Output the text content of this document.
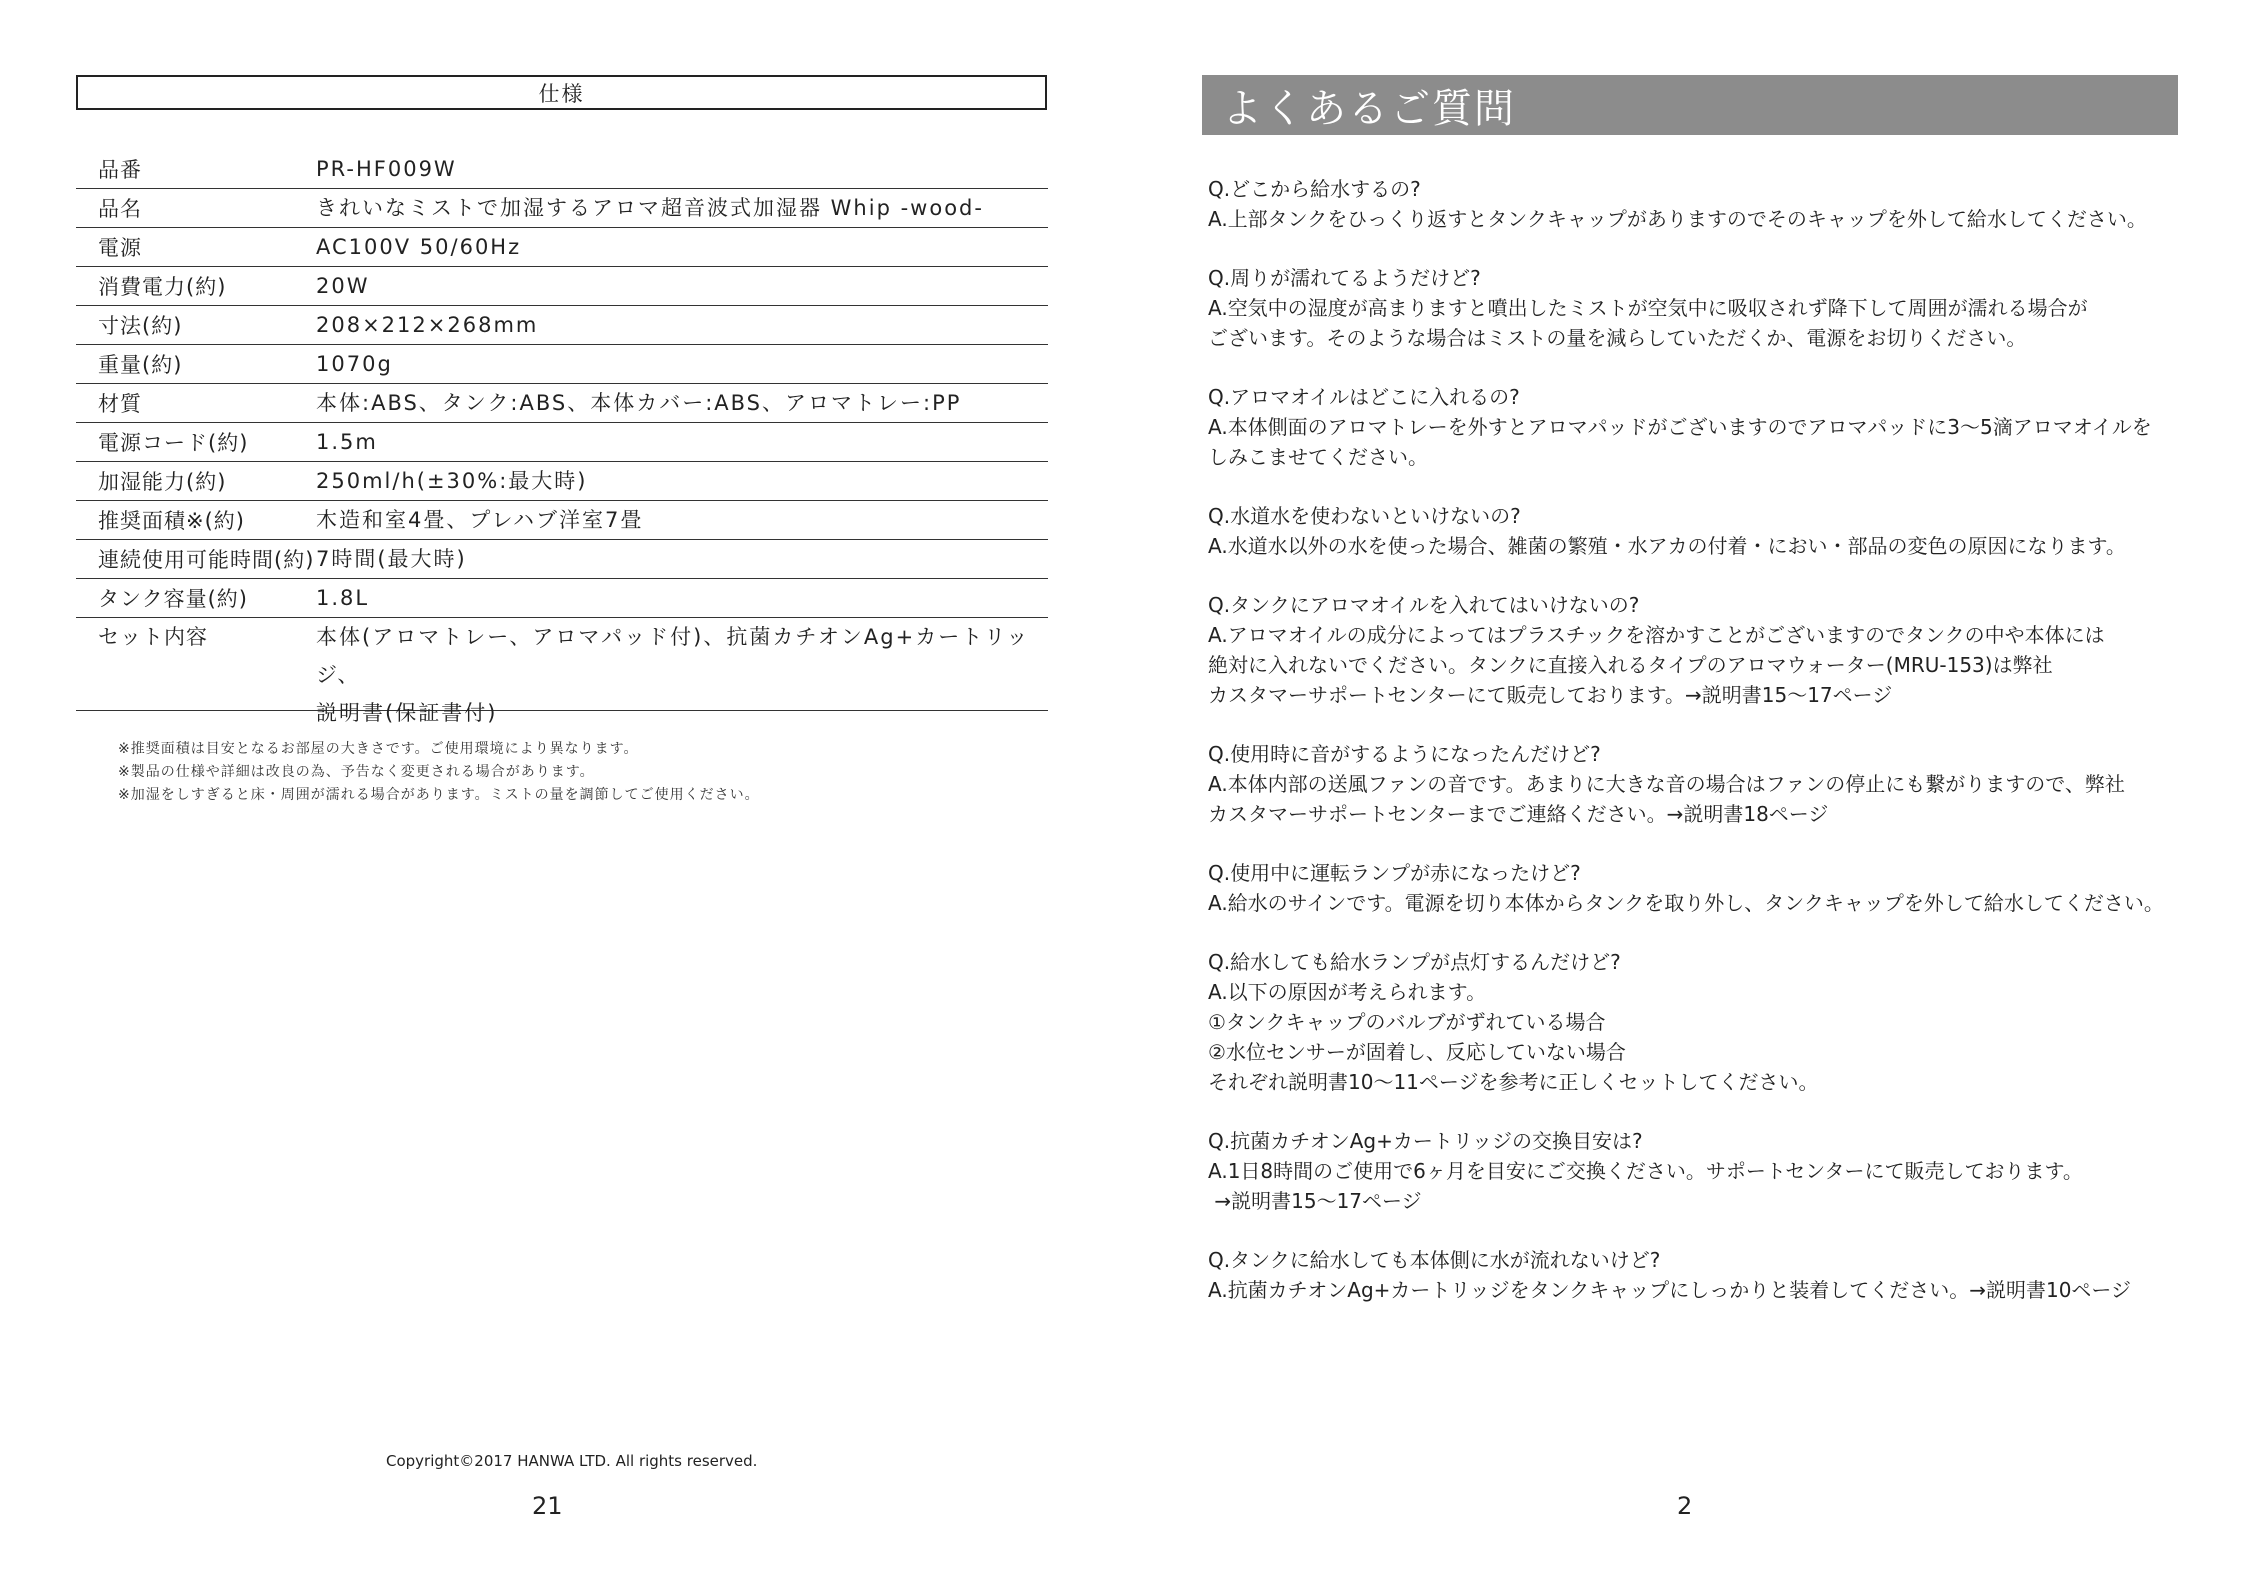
仕様
品番	PR-HF009W
品名	きれいなミストで加湿するアロマ超音波式加湿器 Whip -wood-
電源	AC100V 50/60Hz
消費電力(約)	20W
寸法(約)	208×212×268mm
重量(約)	1070g
材質	本体:ABS、タンク:ABS、本体カバー:ABS、アロマトレー:PP
電源コード(約)	1.5m
加湿能力(約)	250ml/h(±30%:最大時)
推奨面積※(約)	木造和室4畳、プレハブ洋室7畳
連続使用可能時間(約) 7時間(最大時)
タンク容量(約)	1.8L
セット内容	本体(アロマトレー、アロマパッド付)、抗菌カチオンAg+カートリッジ、
説明書(保証書付)
※推奨面積は目安となるお部屋の大きさです。ご使用環境により異なります。
※製品の仕様や詳細は改良の為、予告なく変更される場合があります。
※加湿をしすぎると床・周囲が濡れる場合があります。ミストの量を調節してご使用ください。
Copyright©2017 HANWA LTD. All rights reserved.
21
よくあるご質問
Q.どこから給水するの?
A.上部タンクをひっくり返すとタンクキャップがありますのでそのキャップを外して給水してください。
Q.周りが濡れてるようだけど?
A.空気中の湿度が高まりますと噴出したミストが空気中に吸収されず降下して周囲が濡れる場合が
ございます。そのような場合はミストの量を減らしていただくか、電源をお切りください。
Q.アロマオイルはどこに入れるの?
A.本体側面のアロマトレーを外すとアロマパッドがございますのでアロマパッドに3〜5滴アロマオイルを
しみこませてください。
Q.水道水を使わないといけないの?
A.水道水以外の水を使った場合、雑菌の繁殖・水アカの付着・におい・部品の変色の原因になります。
Q.タンクにアロマオイルを入れてはいけないの?
A.アロマオイルの成分によってはプラスチックを溶かすことがございますのでタンクの中や本体には
絶対に入れないでください。タンクに直接入れるタイプのアロマウォーター(MRU-153)は弊社
カスタマーサポートセンターにて販売しております。→説明書15〜17ページ
Q.使用時に音がするようになったんだけど?
A.本体内部の送風ファンの音です。あまりに大きな音の場合はファンの停止にも繋がりますので、弊社
カスタマーサポートセンターまでご連絡ください。→説明書18ページ
Q.使用中に運転ランプが赤になったけど?
A.給水のサインです。電源を切り本体からタンクを取り外し、タンクキャップを外して給水してください。
Q.給水しても給水ランプが点灯するんだけど?
A.以下の原因が考えられます。
①タンクキャップのバルブがずれている場合
②水位センサーが固着し、反応していない場合
それぞれ説明書10〜11ページを参考に正しくセットしてください。
Q.抗菌カチオンAg+カートリッジの交換目安は?
A.1日8時間のご使用で6ヶ月を目安にご交換ください。サポートセンターにて販売しております。
→説明書15〜17ページ
Q.タンクに給水しても本体側に水が流れないけど?
A.抗菌カチオンAg+カートリッジをタンクキャップにしっかりと装着してください。→説明書10ページ
2
